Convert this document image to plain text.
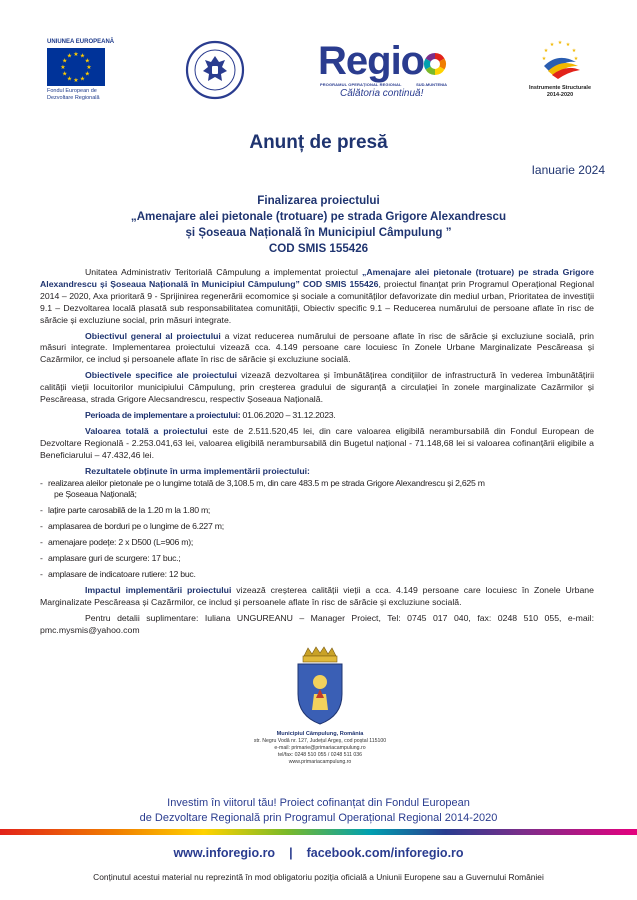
UNIUNEA EUROPEANĂ
★ ★
★
★
★
★
★
★
★
★
★
★
Fondul European de
Dezvoltare Regională
Regio
PROGRAMUL OPERAȚIONAL REGIONAL	SUD-MUNTENIA
Călătoria continuă!
★ ★
★
★
★
★
★
Instrumente Structurale
2014-2020
Anunț de presă
Ianuarie 2024
Finalizarea proiectului
„Amenajare alei pietonale (trotuare) pe strada Grigore Alexandrescu
și Șoseaua Națională în Municipiul Câmpulung ”
COD SMIS 155426

Unitatea Administrativ Teritorială Câmpulung a implementat proiectul „Amenajare alei pietonale (trotuare) pe strada Grigore Alexandrescu și Șoseaua Națională în Municipiul Câmpulung” COD SMIS 155426, proiectul finanțat prin Programul Operațional Regional 2014 – 2020, Axa prioritară 9 - Sprijinirea regenerării ecomomice și sociale a comunităților defavorizate din mediul urban, Prioritatea de investiții 9.1 – Dezvoltarea locală plasată sub responsabilitatea comunității, Obiectiv specific 9.1 – Reducerea numărului de persoane aflate în risc de sărăcie și excluziune social, prin măsuri integrate.

Obiectivul general al proiectului a vizat reducerea numărului de persoane aflate în risc de sărăcie și excluziune socială, prin măsuri integrate. Implementarea proiectului vizează cca. 4.149 persoane care locuiesc în Zonele Urbane Marginalizate Pescăreasa și Cazărmilor, ce includ și persoanele aflate în risc de sărăcie și excluziune socială.

Obiectivele specifice ale proiectului vizează dezvoltarea și îmbunătățirea condițiilor de infrastructură în vederea îmbunătățirii calității vieții locuitorilor municipiului Câmpulung, prin creșterea gradului de siguranță a circulației în zonele marginalizate Cazărmilor și Pescăreasa, strada Grigore Alecsandrescu, respectiv Șoseaua Națională.

Perioada de implementare a proiectului: 01.06.2020 – 31.12.2023.

Valoarea totală a proiectului este de 2.511.520,45 lei, din care valoarea eligibilă nerambursabilă din Fondul European de Dezvoltare Regională - 2.253.041,63 lei, valoarea eligibilă nerambursabilă din Bugetul național - 71.148,68 lei si valoarea cofinanțării eligibile a Beneficiarului – 47.432,46 lei.

Rezultatele obținute în urma implementării proiectului:
- realizarea aleilor pietonale pe o lungime totală de 3,108.5 m, din care 483.5 m pe strada Grigore Alexandrescu și 2,625 m
pe Șoseaua Națională;
- lațire parte carosabilă de la 1.20 m la 1.80 m;
- amplasarea de borduri pe o lungime de 6.227 m;
- amenajare podețe: 2 x D500 (L=906 m);
- amplasare guri de scurgere: 17 buc.;
- amplasare de indicatoare rutiere: 12 buc.

Impactul implementării proiectului vizează creșterea calității vieții a cca. 4.149 persoane care locuiesc în Zonele Urbane Marginalizate Pescăreasa și Cazărmilor, ce includ și persoanele aflate în risc de sărăcie și excluziune socială.

Pentru detalii suplimentare: Iuliana UNGUREANU – Manager Proiect, Tel: 0745 017 040, fax: 0248 510 055, e-mail: pmc.mysmis@yahoo.com

Municipiul Câmpulung, România
str. Negru Vodă nr. 127, Județul Argeș, cod poștal 115100
e-mail: primarie@primariacampulung.ro
tel/fax: 0248 510 055 / 0248 511 036
www.primariacampulung.ro
Investim în viitorul tău! Proiect cofinanțat din Fondul European
de Dezvoltare Regională prin Programul Operațional Regional 2014-2020
www.inforegio.ro | facebook.com/inforegio.ro
Conținutul acestui material nu reprezintă în mod obligatoriu poziția oficială a Uniunii Europene sau a Guvernului României
